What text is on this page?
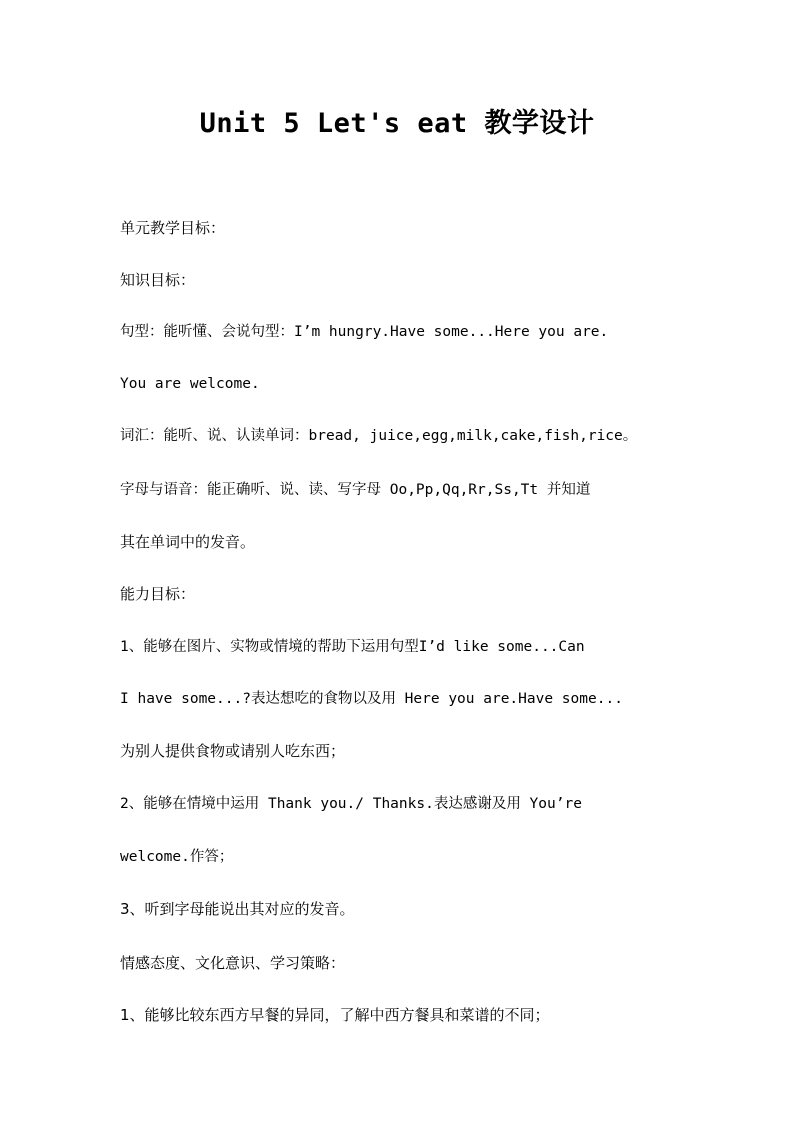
Unit 5 Let's eat 教学设计
单元教学目标：
知识目标：
句型：能听懂、会说句型：I’m hungry.Have some...Here you are.
You are welcome.
词汇：能听、说、认读单词：bread, juice,egg,milk,cake,fish,rice。
字母与语音：能正确听、说、读、写字母 Oo,Pp,Qq,Rr,Ss,Tt 并知道
其在单词中的发音。
能力目标：
1、能够在图片、实物或情境的帮助下运用句型I’d like some...Can
I have some...?表达想吃的食物以及用 Here you are.Have some...
为别人提供食物或请别人吃东西；
2、能够在情境中运用 Thank you./ Thanks.表达感谢及用 You’re
welcome.作答；
3、听到字母能说出其对应的发音。
情感态度、文化意识、学习策略：
1、能够比较东西方早餐的异同，了解中西方餐具和菜谱的不同；
